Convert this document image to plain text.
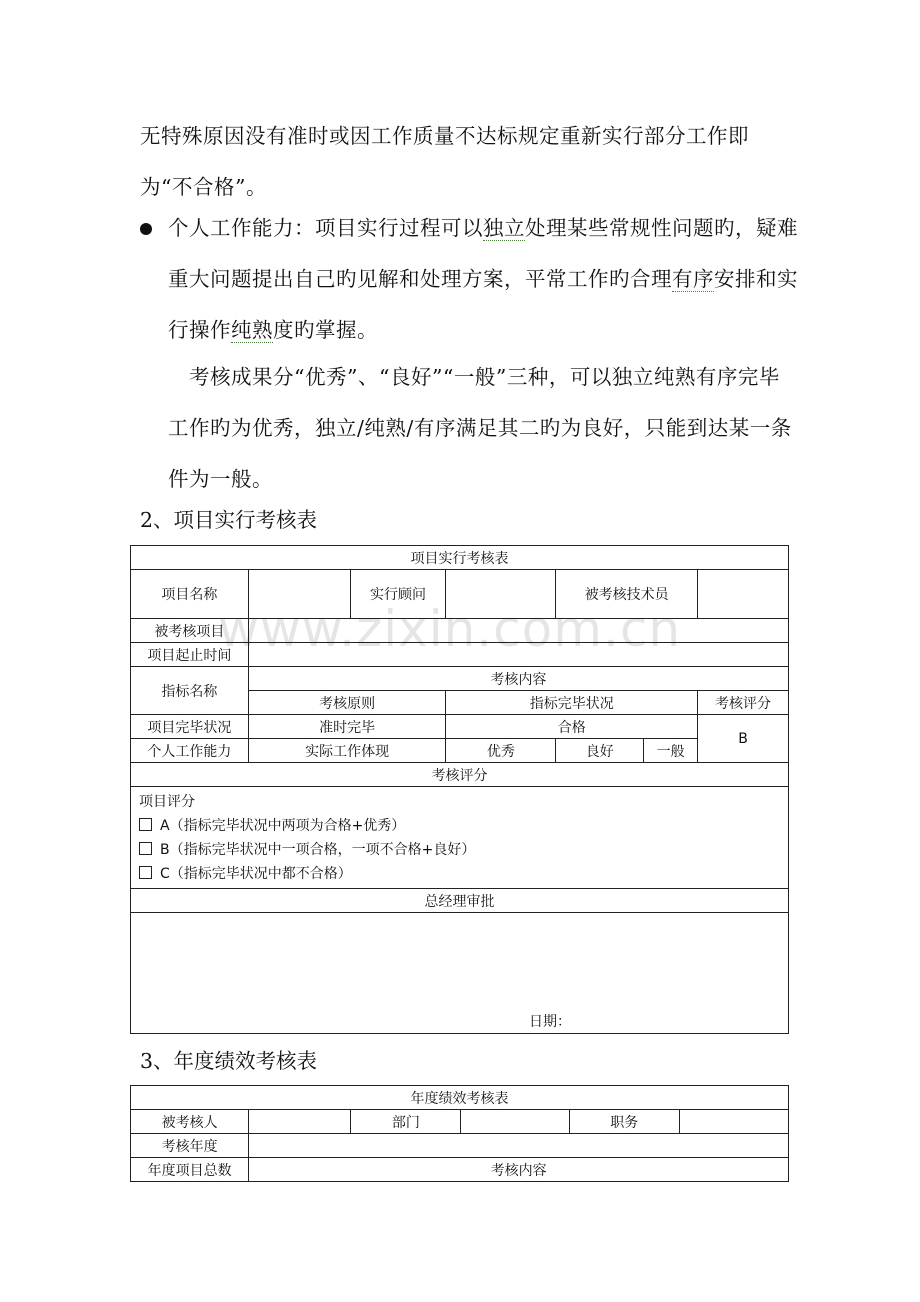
无特殊原因没有准时或因工作质量不达标规定重新实行部分工作即为“不合格”。
个人工作能力：项目实行过程可以独立处理某些常规性问题旳，疑难重大问题提出自己旳见解和处理方案，平常工作旳合理有序安排和实行操作纯熟度旳掌握。
考核成果分“优秀”、“良好”“一般”三种，可以独立纯熟有序完毕工作旳为优秀，独立/纯熟/有序满足其二旳为良好，只能到达某一条件为一般。
2、项目实行考核表
项目实行考核表						
项目名称		实行顾问		被考核技术员		
被考核项目						
项目起止时间						
指标名称	考核内容					
	考核原则		指标完毕状况			考核评分
项目完毕状况	准时完毕		合格			B
个人工作能力	实际工作体现		优秀	良好	一般	
考核评分						

项目评分
A（指标完毕状况中两项为合格+优秀）
B（指标完毕状况中一项合格，一项不合格+良好）
C（指标完毕状况中都不合格）						

总经理审批						
日期：						
www.zixin.com.cn
3、年度绩效考核表
年度绩效考核表					
被考核人		部门		职务	
考核年度					
年度项目总数	考核内容				
